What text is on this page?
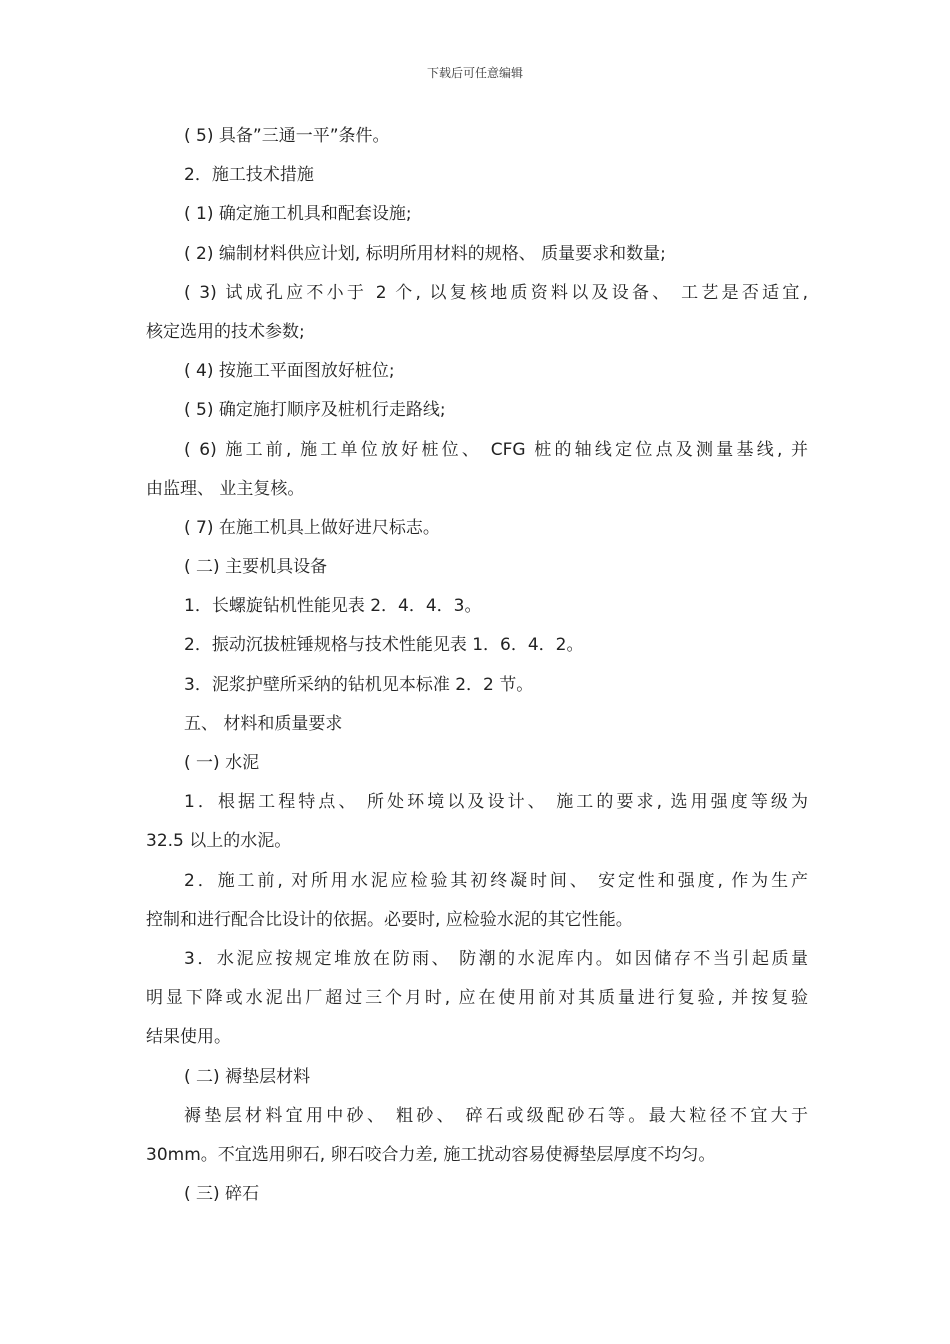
下载后可任意编辑
( 5) 具备”三通一平”条件。
2．施工技术措施
( 1) 确定施工机具和配套设施;
( 2) 编制材料供应计划, 标明所用材料的规格、 质量要求和数量;
( 3) 试成孔应不小于 2 个, 以复核地质资料以及设备、 工艺是否适宜,
核定选用的技术参数;
( 4) 按施工平面图放好桩位;
( 5) 确定施打顺序及桩机行走路线;
( 6) 施工前, 施工单位放好桩位、 CFG 桩的轴线定位点及测量基线, 并
由监理、 业主复核。
( 7) 在施工机具上做好进尺标志。
( 二) 主要机具设备
1．长螺旋钻机性能见表 2．4．4．3。
2．振动沉拔桩锤规格与技术性能见表 1．6．4．2。
3．泥浆护壁所采纳的钻机见本标准 2．2 节。
五、 材料和质量要求
( 一) 水泥
1．根据工程特点、 所处环境以及设计、 施工的要求, 选用强度等级为
32.5 以上的水泥。
2．施工前, 对所用水泥应检验其初终凝时间、 安定性和强度, 作为生产
控制和进行配合比设计的依据。必要时, 应检验水泥的其它性能。
3．水泥应按规定堆放在防雨、 防潮的水泥库内。如因储存不当引起质量
明显下降或水泥出厂超过三个月时, 应在使用前对其质量进行复验, 并按复验
结果使用。
( 二) 褥垫层材料
褥垫层材料宜用中砂、 粗砂、 碎石或级配砂石等。最大粒径不宜大于
30mm。不宜选用卵石, 卵石咬合力差, 施工扰动容易使褥垫层厚度不均匀。
( 三) 碎石
